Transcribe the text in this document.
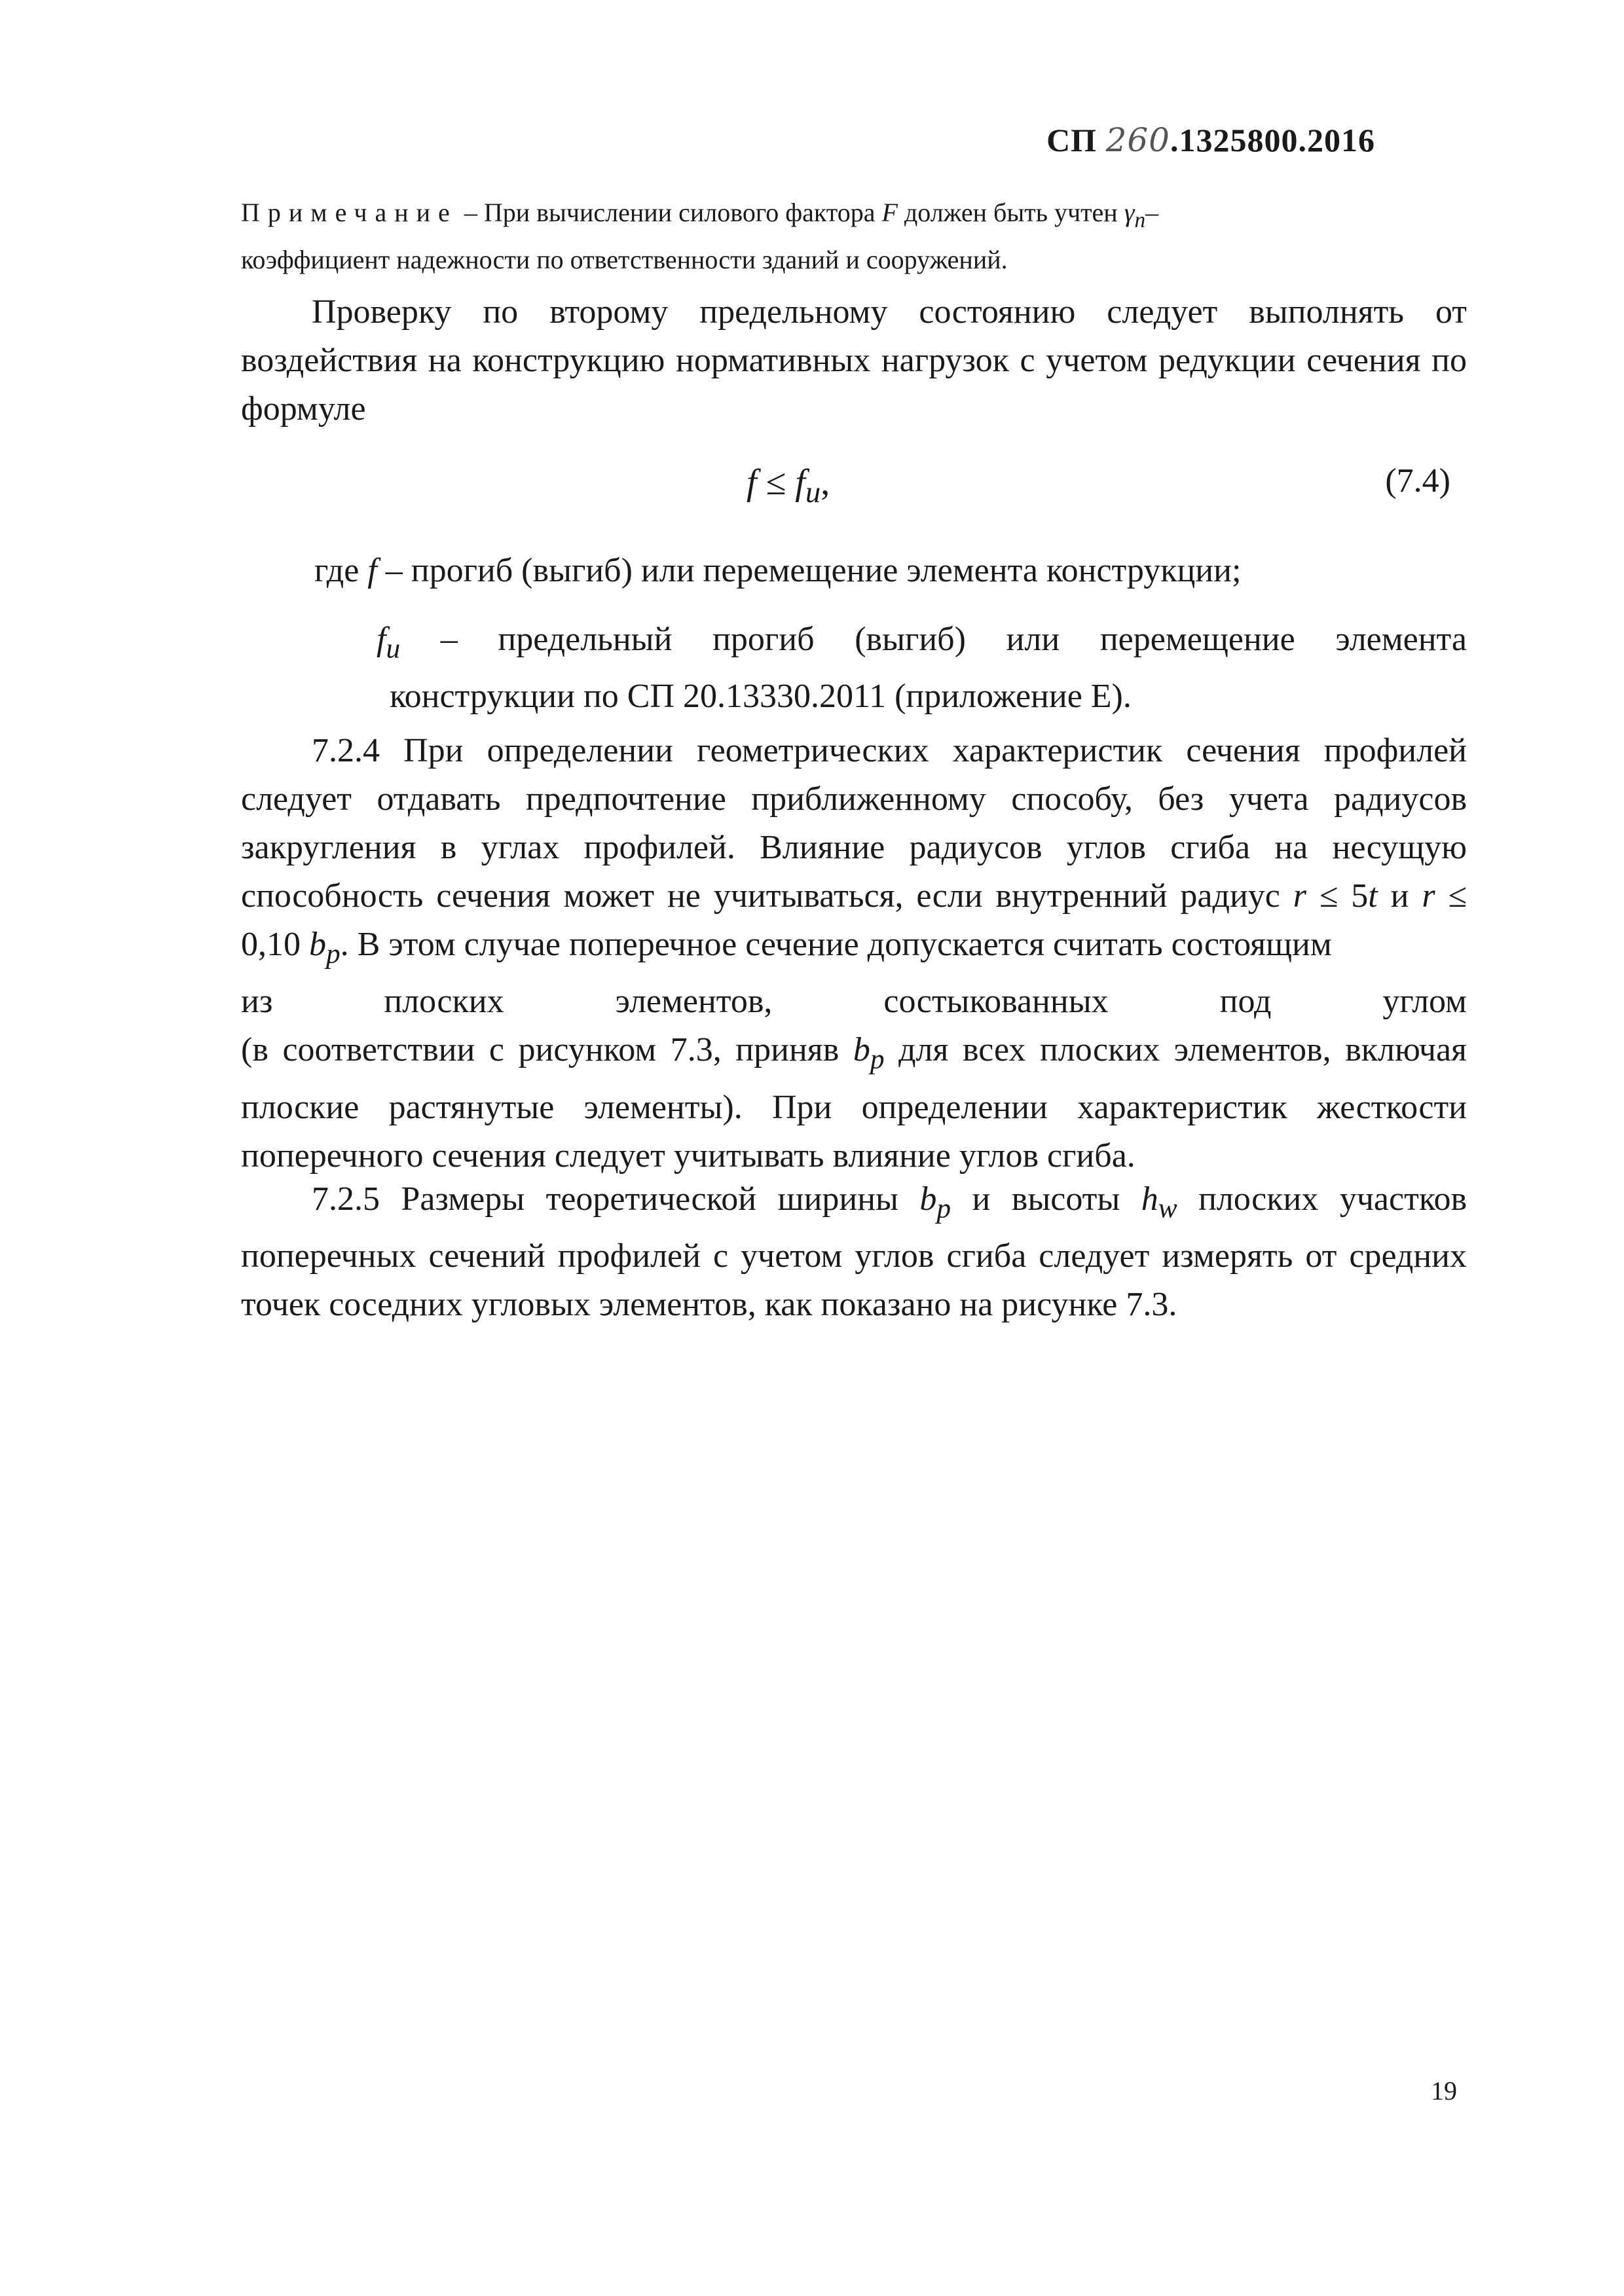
СП 260.1325800.2016

Примечание – При вычислении силового фактора F должен быть учтен $\gamma_n-$

коэффициент надежности по ответственности зданий и сооружений.

Проверку по второму предельному состоянию следует выполнять от воздействия на конструкцию нормативных нагрузок с учетом редукции сечения по формуле
$f \le f_u$,	(7.4)
где f – прогиб (выгиб) или перемещение элемента конструкции;
$f_u$ – предельный прогиб (выгиб) или перемещение элемента
конструкции по СП 20.13330.2011 (приложение Е).

7.2.4 При определении геометрических характеристик сечения профилей следует отдавать предпочтение приближенному способу, без учета радиусов закругления в углах профилей. Влияние радиусов углов сгиба на несущую способность сечения может не учитываться, если внутренний радиус r ≤ 5t и r ≤ 0,10 $b_p$. В этом случае поперечное сечение допускается считать состоящим

из	плоских	элементов,	состыкованных	под	углом

(в соответствии с рисунком 7.3, приняв $b_p$ для всех плоских элементов, включая плоские растянутые элементы). При определении характеристик жесткости поперечного сечения следует учитывать влияние углов сгиба.

7.2.5 Размеры теоретической ширины $b_p$ и высоты $h_w$ плоских участков поперечных сечений профилей с учетом углов сгиба следует измерять от средних точек соседних угловых элементов, как показано на рисунке 7.3.
19
